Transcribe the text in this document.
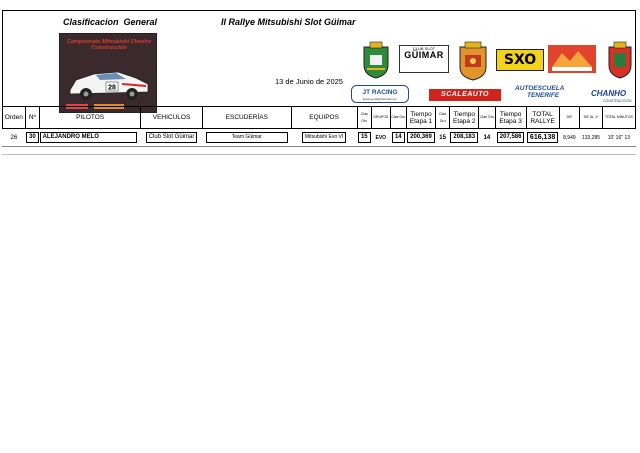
Clasificacion  General	II Rallye Mitsubishi Slot Güimar
13 de Junio de 2025
Campeonato Mitsubishi Chanho Construcción
28
CLUB SLOT
GÜIMAR	SXO
JT RACING
jtracing.vail@hotmail.com
SCALEAUTO
AUTOESCUELA
TENERIFE	CHANHO
CONSTRUCCIÓN
Orden	Nº	PILOTOS	VEHICULOS	ESCUDERÍAS	EQUIPOS	Clas Gru	GRUPOS	Clas Gru	Tiempo Etapa 1	Clas Gru	Tiempo Etapa 2	Clas Gru	Tiempo Etapa 3	TOTAL RALLYE	DIF	DIF AL 1º	TOTAL MINUTOS
26	30	ALEJANDRO MELO	Club Slot Güimar	Team Güimar	Mitsubishi Evo VI	15	EVO	14	200,369	15	208,183	14	207,586	616,138	8,949	133,285	10' 16'' 13
